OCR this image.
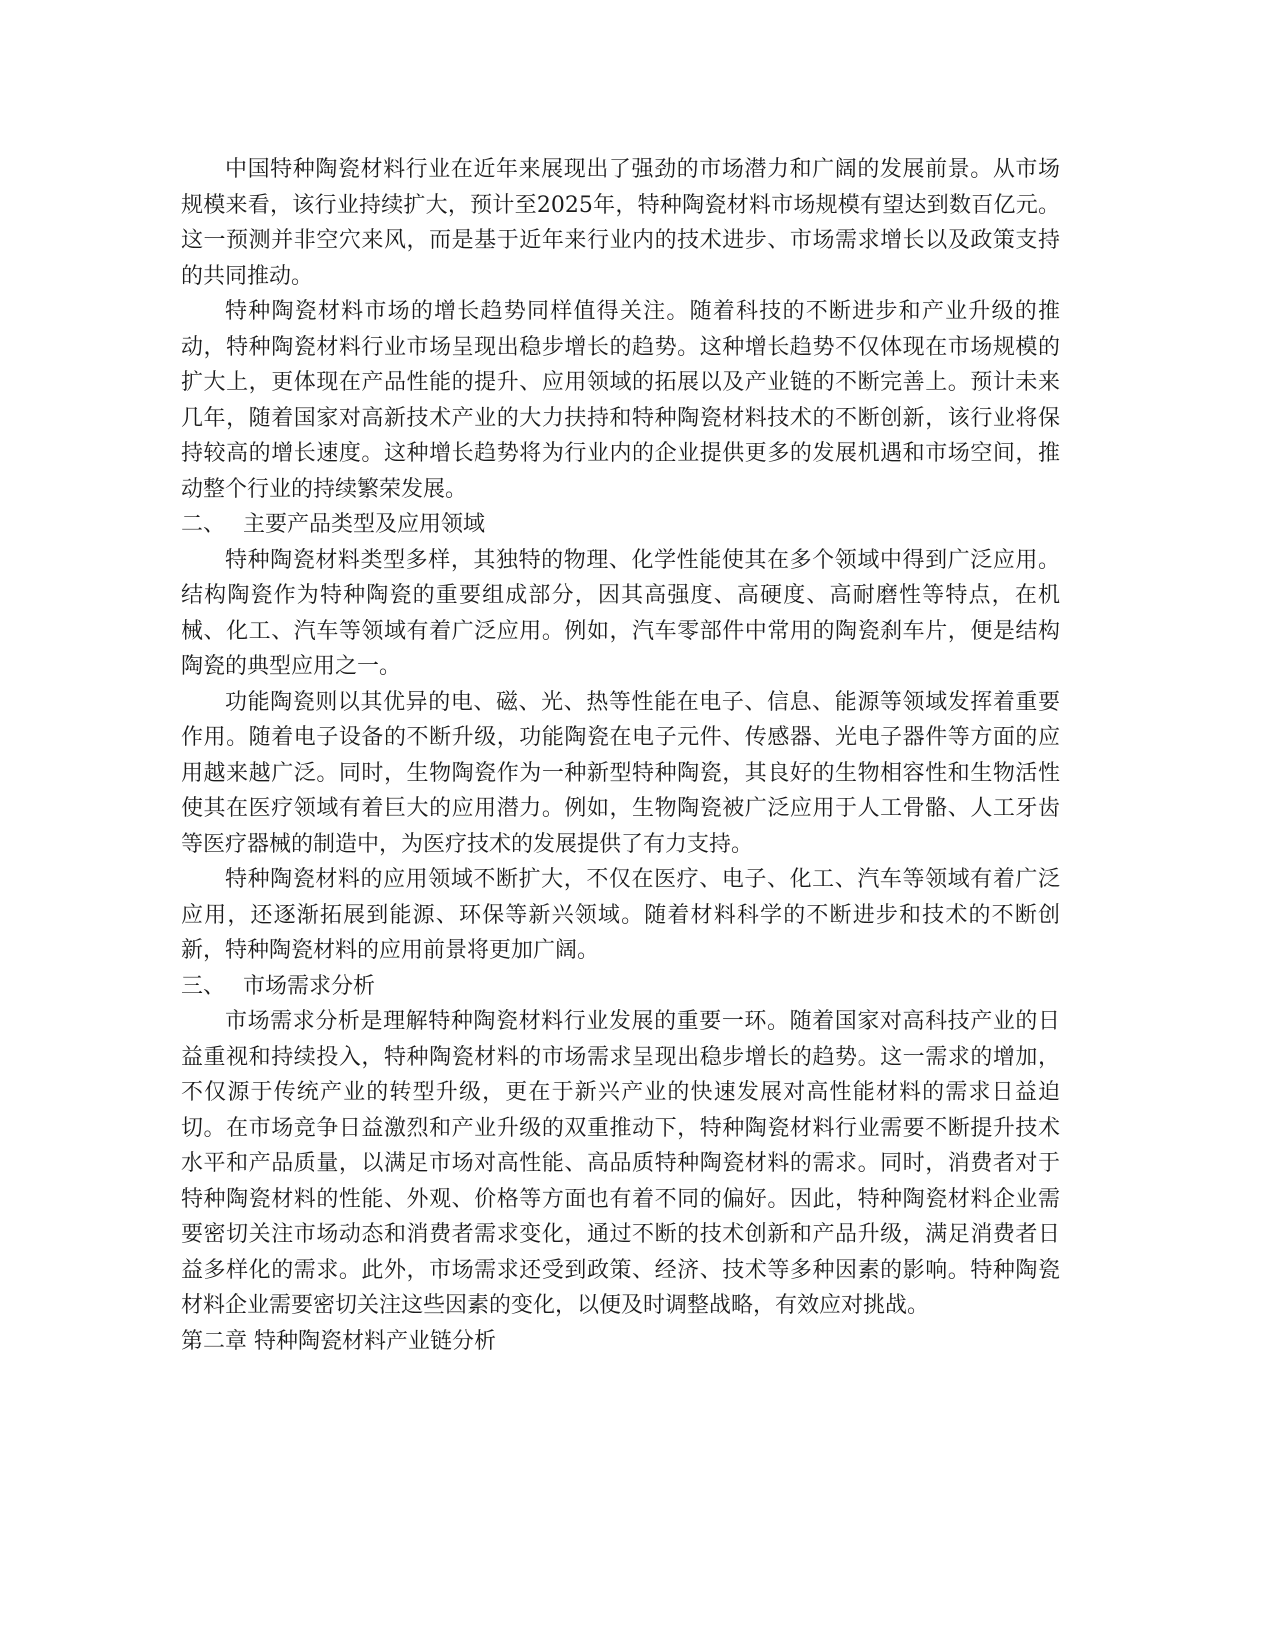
中国特种陶瓷材料行业在近年来展现出了强劲的市场潜力和广阔的发展前景。从市场规模来看，该行业持续扩大，预计至2025年，特种陶瓷材料市场规模有望达到数百亿元。这一预测并非空穴来风，而是基于近年来行业内的技术进步、市场需求增长以及政策支持的共同推动。

特种陶瓷材料市场的增长趋势同样值得关注。随着科技的不断进步和产业升级的推动，特种陶瓷材料行业市场呈现出稳步增长的趋势。这种增长趋势不仅体现在市场规模的扩大上，更体现在产品性能的提升、应用领域的拓展以及产业链的不断完善上。预计未来几年，随着国家对高新技术产业的大力扶持和特种陶瓷材料技术的不断创新，该行业将保持较高的增长速度。这种增长趋势将为行业内的企业提供更多的发展机遇和市场空间，推动整个行业的持续繁荣发展。

二、 主要产品类型及应用领域

特种陶瓷材料类型多样，其独特的物理、化学性能使其在多个领域中得到广泛应用。结构陶瓷作为特种陶瓷的重要组成部分，因其高强度、高硬度、高耐磨性等特点，在机械、化工、汽车等领域有着广泛应用。例如，汽车零部件中常用的陶瓷刹车片，便是结构陶瓷的典型应用之一。

功能陶瓷则以其优异的电、磁、光、热等性能在电子、信息、能源等领域发挥着重要作用。随着电子设备的不断升级，功能陶瓷在电子元件、传感器、光电子器件等方面的应用越来越广泛。同时，生物陶瓷作为一种新型特种陶瓷，其良好的生物相容性和生物活性使其在医疗领域有着巨大的应用潜力。例如，生物陶瓷被广泛应用于人工骨骼、人工牙齿等医疗器械的制造中，为医疗技术的发展提供了有力支持。

特种陶瓷材料的应用领域不断扩大，不仅在医疗、电子、化工、汽车等领域有着广泛应用，还逐渐拓展到能源、环保等新兴领域。随着材料科学的不断进步和技术的不断创新，特种陶瓷材料的应用前景将更加广阔。

三、 市场需求分析

市场需求分析是理解特种陶瓷材料行业发展的重要一环。随着国家对高科技产业的日益重视和持续投入，特种陶瓷材料的市场需求呈现出稳步增长的趋势。这一需求的增加，不仅源于传统产业的转型升级，更在于新兴产业的快速发展对高性能材料的需求日益迫切。在市场竞争日益激烈和产业升级的双重推动下，特种陶瓷材料行业需要不断提升技术水平和产品质量，以满足市场对高性能、高品质特种陶瓷材料的需求。同时，消费者对于特种陶瓷材料的性能、外观、价格等方面也有着不同的偏好。因此，特种陶瓷材料企业需要密切关注市场动态和消费者需求变化，通过不断的技术创新和产品升级，满足消费者日益多样化的需求。此外，市场需求还受到政策、经济、技术等多种因素的影响。特种陶瓷材料企业需要密切关注这些因素的变化，以便及时调整战略，有效应对挑战。

第二章 特种陶瓷材料产业链分析
